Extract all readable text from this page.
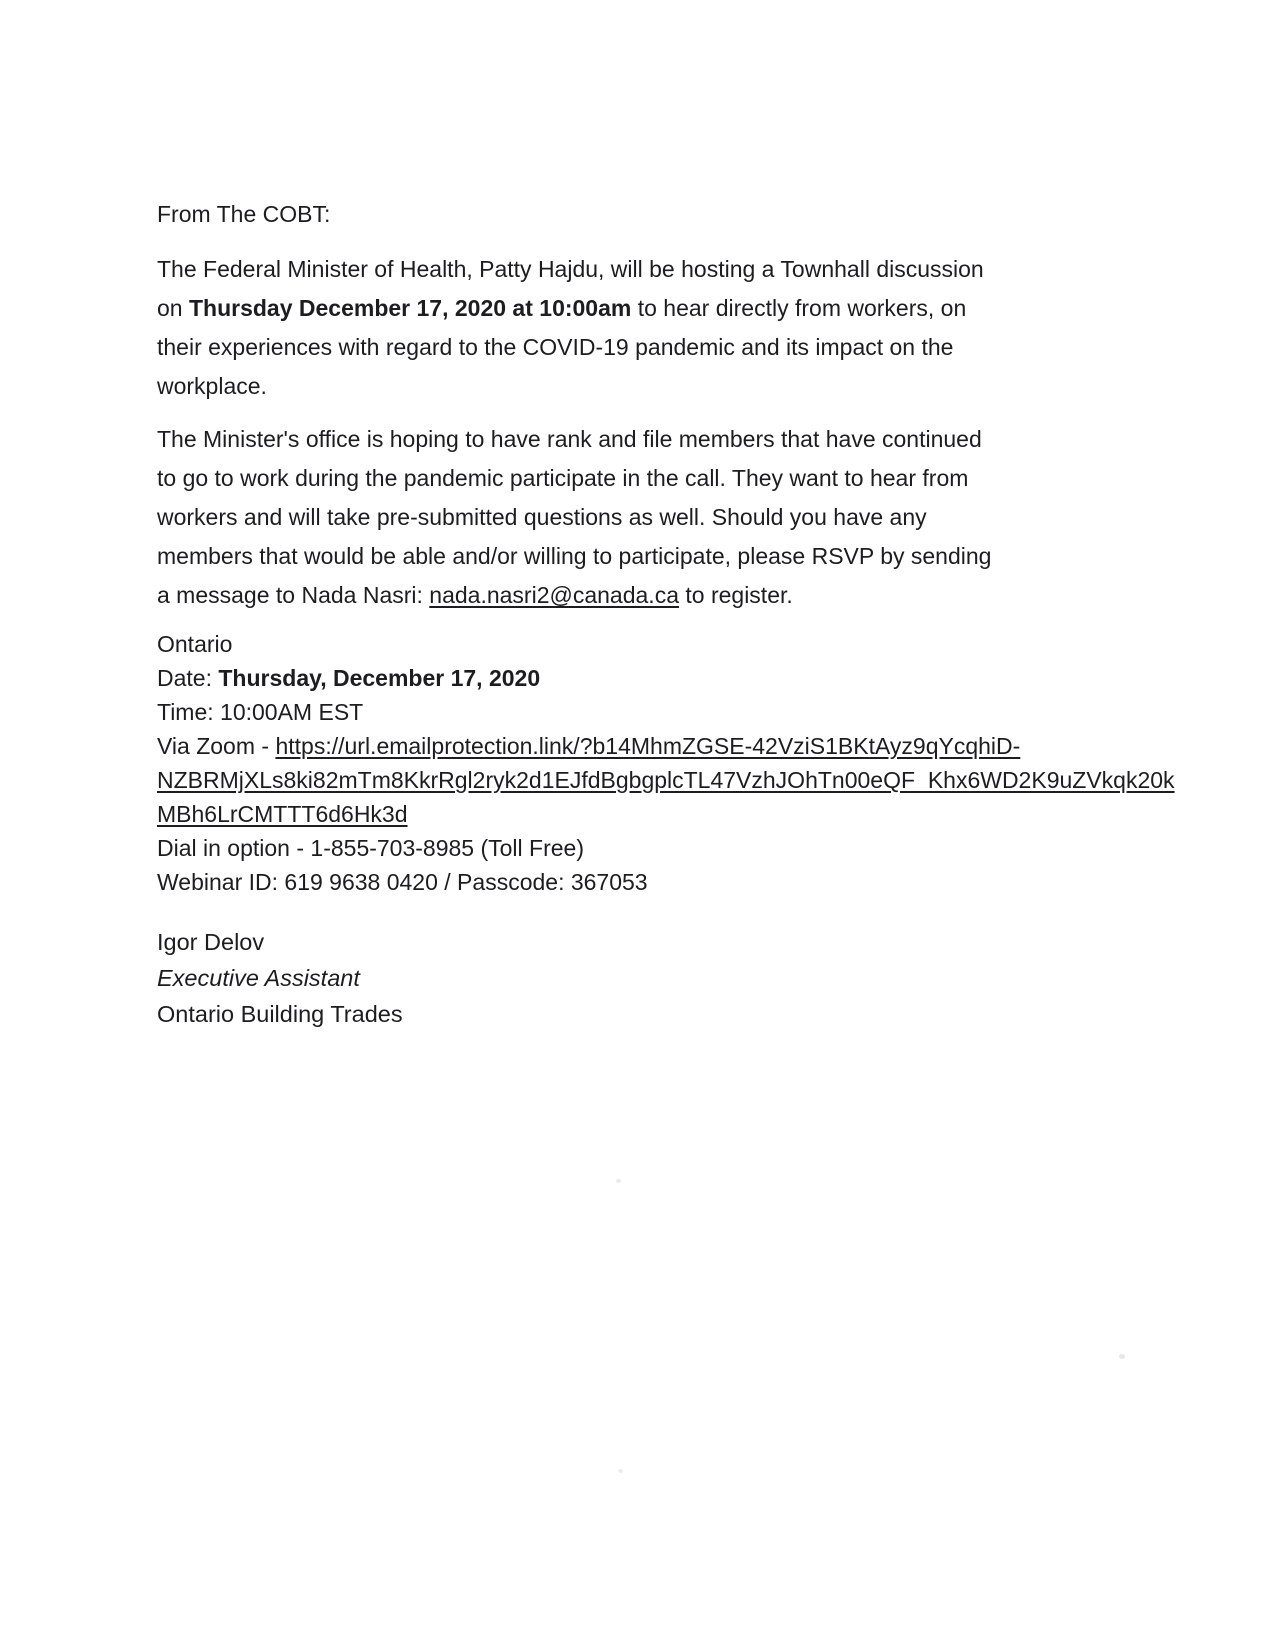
From The COBT:
The Federal Minister of Health, Patty Hajdu, will be hosting a Townhall discussion
on Thursday December 17, 2020 at 10:00am to hear directly from workers, on
their experiences with regard to the COVID-19 pandemic and its impact on the
workplace.
The Minister's office is hoping to have rank and file members that have continued
to go to work during the pandemic participate in the call. They want to hear from
workers and will take pre-submitted questions as well. Should you have any
members that would be able and/or willing to participate, please RSVP by sending
a message to Nada Nasri: nada.nasri2@canada.ca to register.
Ontario
Date: Thursday, December 17, 2020
Time: 10:00AM EST
Via Zoom - https://url.emailprotection.link/?b14MhmZGSE-42VziS1BKtAyz9qYcqhiD-
NZBRMjXLs8ki82mTm8KkrRgl2ryk2d1EJfdBgbgplcTL47VzhJOhTn00eQF_Khx6WD2K9uZVkqk20k
MBh6LrCMTTT6d6Hk3d
Dial in option - 1-855-703-8985 (Toll Free)
Webinar ID: 619 9638 0420 / Passcode: 367053
Igor Delov
Executive Assistant
Ontario Building Trades
